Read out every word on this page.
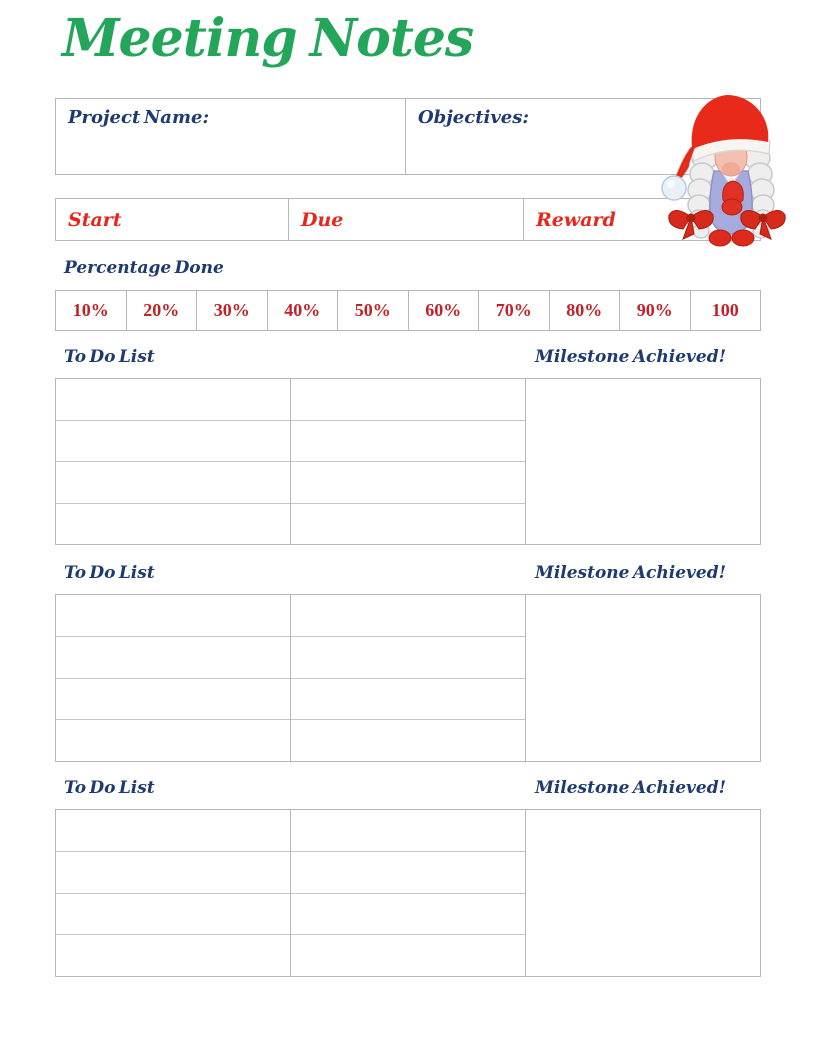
Meeting Notes
Project Name:	Objectives:
Start	Due	Reward
Percentage Done
10%	20%	30%	40%	50%	60%	70%	80%	90%	100
To Do List	Milestone Achieved!
To Do List	Milestone Achieved!
To Do List	Milestone Achieved!
